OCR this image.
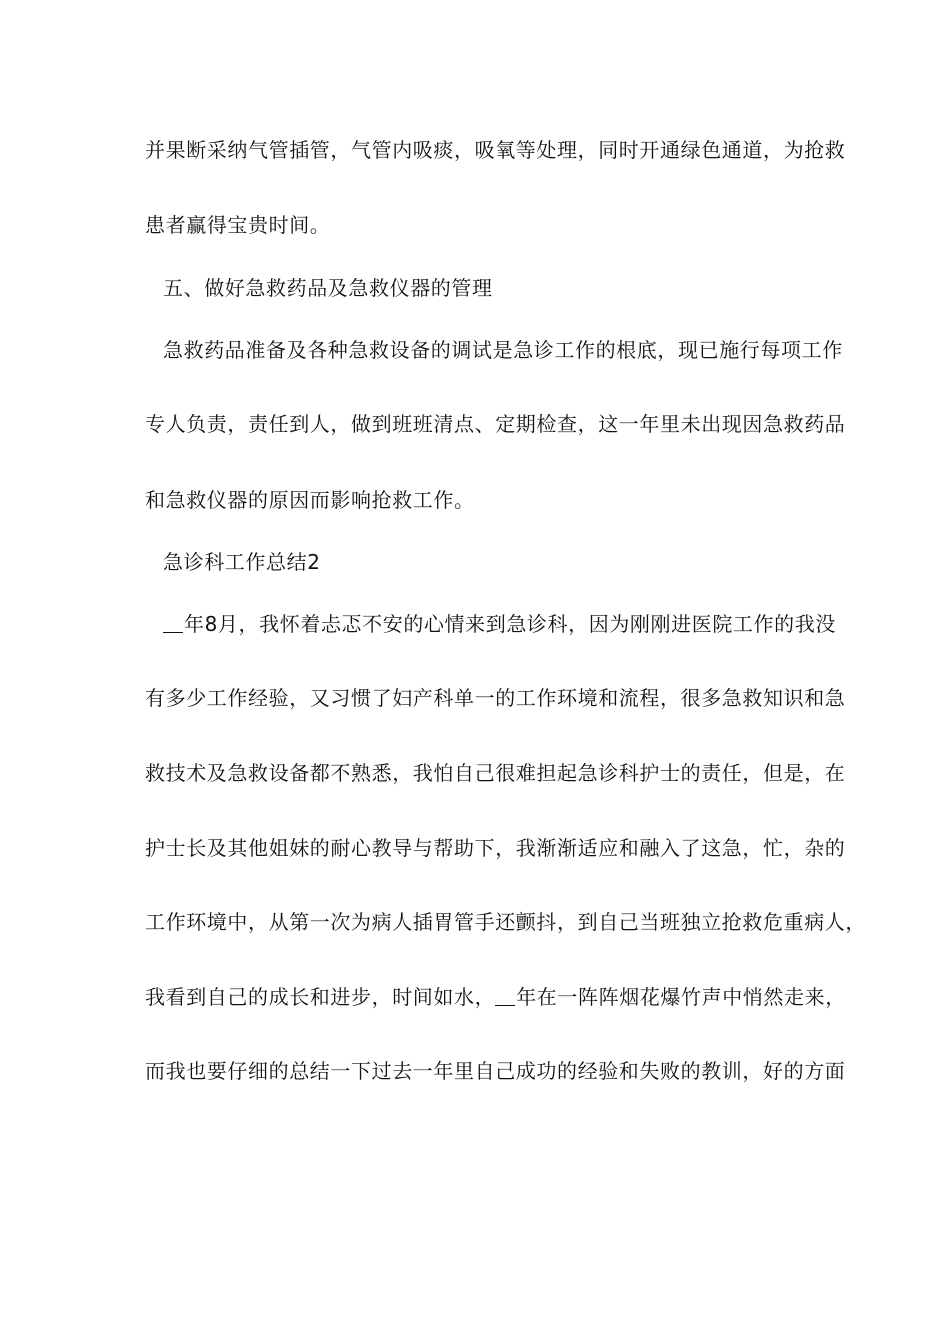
并果断采纳气管插管，气管内吸痰，吸氧等处理，同时开通绿色通道，为抢救
患者赢得宝贵时间。
五、做好急救药品及急救仪器的管理
急救药品准备及各种急救设备的调试是急诊工作的根底，现已施行每项工作
专人负责，责任到人，做到班班清点、定期检查，这一年里未出现因急救药品
和急救仪器的原因而影响抢救工作。
急诊科工作总结2
年8月，我怀着忐忑不安的心情来到急诊科，因为刚刚进医院工作的我没
有多少工作经验，又习惯了妇产科单一的工作环境和流程，很多急救知识和急
救技术及急救设备都不熟悉，我怕自己很难担起急诊科护士的责任，但是，在
护士长及其他姐妹的耐心教导与帮助下，我渐渐适应和融入了这急，忙，杂的
工作环境中，从第一次为病人插胃管手还颤抖，到自己当班独立抢救危重病人，
我看到自己的成长和进步，时间如水， 年在一阵阵烟花爆竹声中悄然走来，
而我也要仔细的总结一下过去一年里自己成功的经验和失败的教训，好的方面
